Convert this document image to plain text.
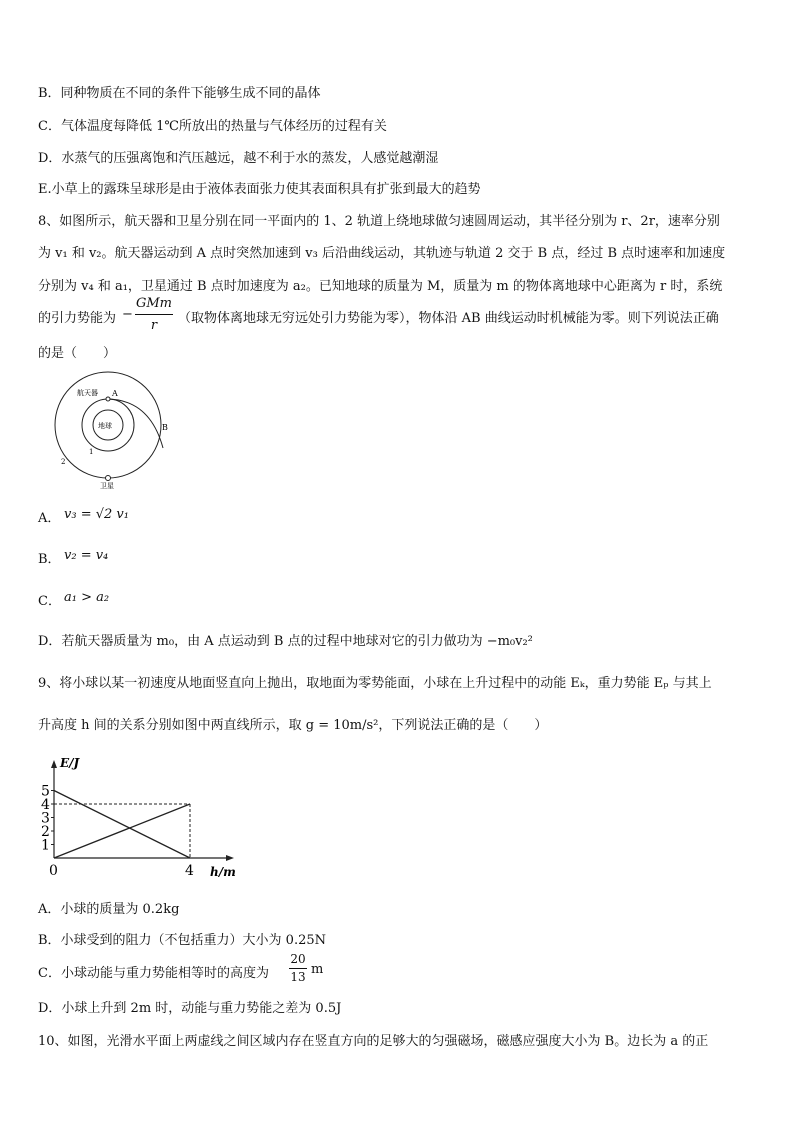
B．同种物质在不同的条件下能够生成不同的晶体
C．气体温度每降低 1℃所放出的热量与气体经历的过程有关
D．水蒸气的压强离饱和汽压越远，越不利于水的蒸发，人感觉越潮湿
E.小草上的露珠呈球形是由于液体表面张力使其表面积具有扩张到最大的趋势
8、如图所示，航天器和卫星分别在同一平面内的 1、2 轨道上绕地球做匀速圆周运动，其半径分别为 r、2r，速率分别
为 v₁ 和 v₂。航天器运动到 A 点时突然加速到 v₃ 后沿曲线运动，其轨迹与轨道 2 交于 B 点，经过 B 点时速率和加速度
分别为 v₄ 和 a₁，卫星通过 B 点时加速度为 a₂。已知地球的质量为 M，质量为 m 的物体离地球中心距离为 r 时，系统
的引力势能为 −
GMm
r	（取物体离地球无穷远处引力势能为零），物体沿 AB 曲线运动时机械能为零。则下列说法正确
的是（　　）
航天器 A
地球	B
1
2
卫星
A． v₃ = √2 v₁
B． v₂ = v₄
C． a₁ > a₂
D．若航天器质量为 m₀，由 A 点运动到 B 点的过程中地球对它的引力做功为 −m₀v₂²
9、将小球以某一初速度从地面竖直向上抛出，取地面为零势能面，小球在上升过程中的动能 Eₖ，重力势能 Eₚ 与其上
升高度 h 间的关系分别如图中两直线所示，取 g = 10m/s²，下列说法正确的是（　　）
E/J
h/m
1
2
3
4
5
0	4
A．小球的质量为 0.2kg
B．小球受到的阻力（不包括重力）大小为 0.25N
C．小球动能与重力势能相等时的高度为
20
13 m
D．小球上升到 2m 时，动能与重力势能之差为 0.5J
10、如图，光滑水平面上两虚线之间区域内存在竖直方向的足够大的匀强磁场，磁感应强度大小为 B。边长为 a 的正
